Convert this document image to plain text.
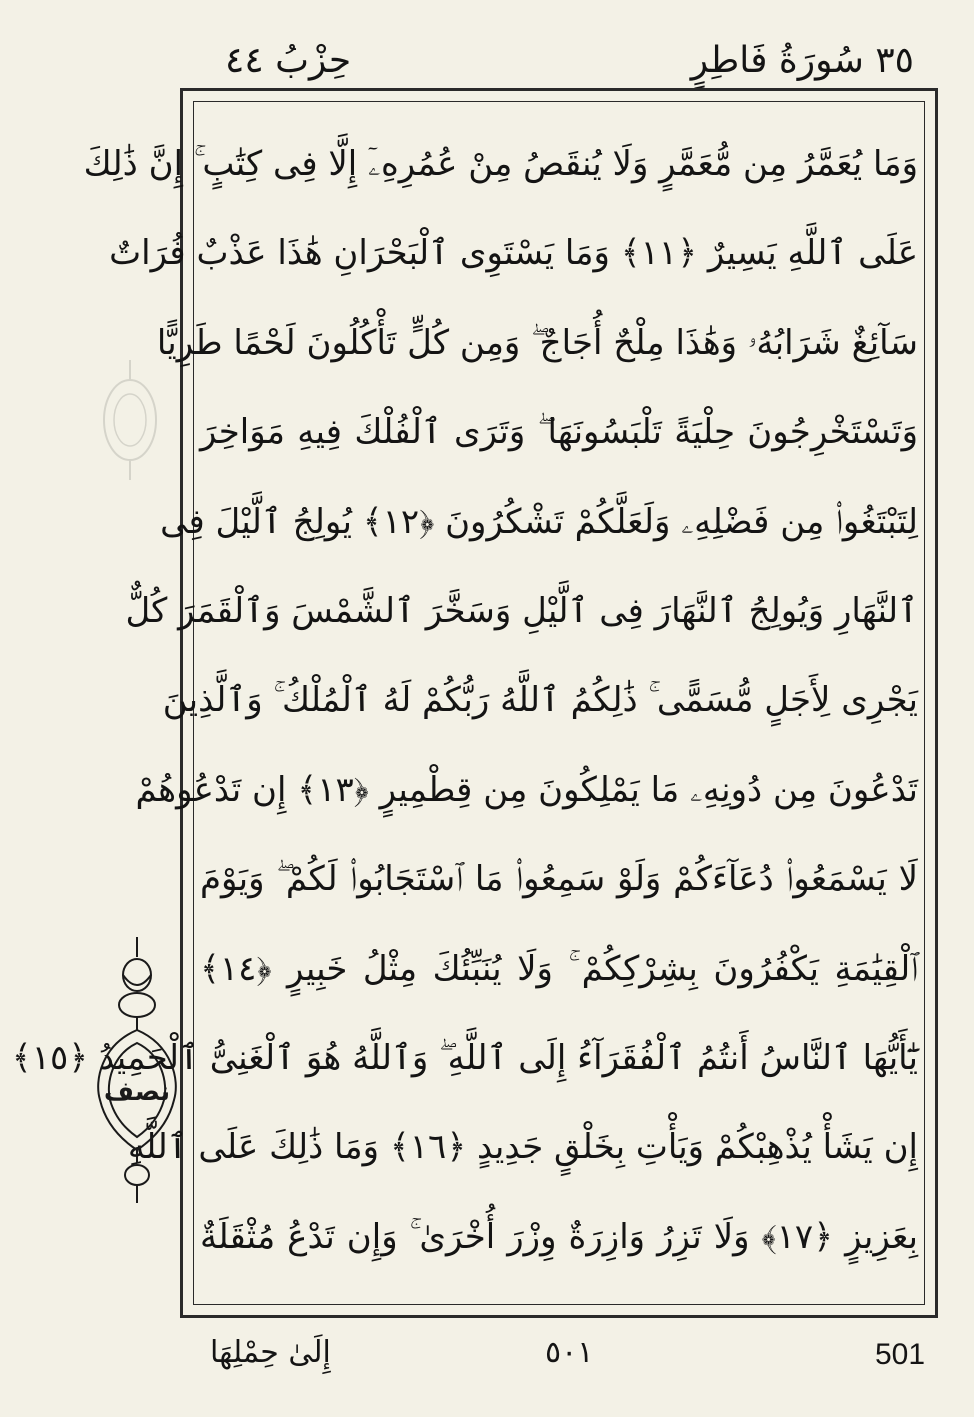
٣٥ سُورَةُ فَاطِرٍ
حِزْبُ ٤٤
وَمَا يُعَمَّرُ مِن مُّعَمَّرٍ وَلَا يُنقَصُ مِنْ عُمُرِهِۦٓ إِلَّا فِى كِتَٰبٍ ۚ إِنَّ ذَٰلِكَ
عَلَى ٱللَّهِ يَسِيرٌ ﴿١١﴾ وَمَا يَسْتَوِى ٱلْبَحْرَانِ هَٰذَا عَذْبٌ فُرَاتٌ
سَآئِغٌ شَرَابُهُۥ وَهَٰذَا مِلْحٌ أُجَاجٌ ۖ وَمِن كُلٍّ تَأْكُلُونَ لَحْمًا طَرِيًّا
وَتَسْتَخْرِجُونَ حِلْيَةً تَلْبَسُونَهَا ۖ وَتَرَى ٱلْفُلْكَ فِيهِ مَوَاخِرَ
لِتَبْتَغُوا۟ مِن فَضْلِهِۦ وَلَعَلَّكُمْ تَشْكُرُونَ ﴿١٢﴾ يُولِجُ ٱلَّيْلَ فِى
ٱلنَّهَارِ وَيُولِجُ ٱلنَّهَارَ فِى ٱلَّيْلِ وَسَخَّرَ ٱلشَّمْسَ وَٱلْقَمَرَ كُلٌّ
يَجْرِى لِأَجَلٍ مُّسَمًّى ۚ ذَٰلِكُمُ ٱللَّهُ رَبُّكُمْ لَهُ ٱلْمُلْكُ ۚ وَٱلَّذِينَ
تَدْعُونَ مِن دُونِهِۦ مَا يَمْلِكُونَ مِن قِطْمِيرٍ ﴿١٣﴾ إِن تَدْعُوهُمْ
لَا يَسْمَعُوا۟ دُعَآءَكُمْ وَلَوْ سَمِعُوا۟ مَا ٱسْتَجَابُوا۟ لَكُمْ ۖ وَيَوْمَ
ٱلْقِيَٰمَةِ يَكْفُرُونَ بِشِرْكِكُمْ ۚ وَلَا يُنَبِّئُكَ مِثْلُ خَبِيرٍ ﴿١٤﴾
يَٰٓأَيُّهَا ٱلنَّاسُ أَنتُمُ ٱلْفُقَرَآءُ إِلَى ٱللَّهِ ۖ وَٱللَّهُ هُوَ ٱلْغَنِىُّ ٱلْحَمِيدُ ﴿١٥﴾
إِن يَشَأْ يُذْهِبْكُمْ وَيَأْتِ بِخَلْقٍ جَدِيدٍ ﴿١٦﴾ وَمَا ذَٰلِكَ عَلَى ٱللَّهِ
بِعَزِيزٍ ﴿١٧﴾ وَلَا تَزِرُ وَازِرَةٌ وِزْرَ أُخْرَىٰ ۚ وَإِن تَدْعُ مُثْقَلَةٌ
نصف
إِلَىٰ حِمْلِهَا	٥٠١	501
